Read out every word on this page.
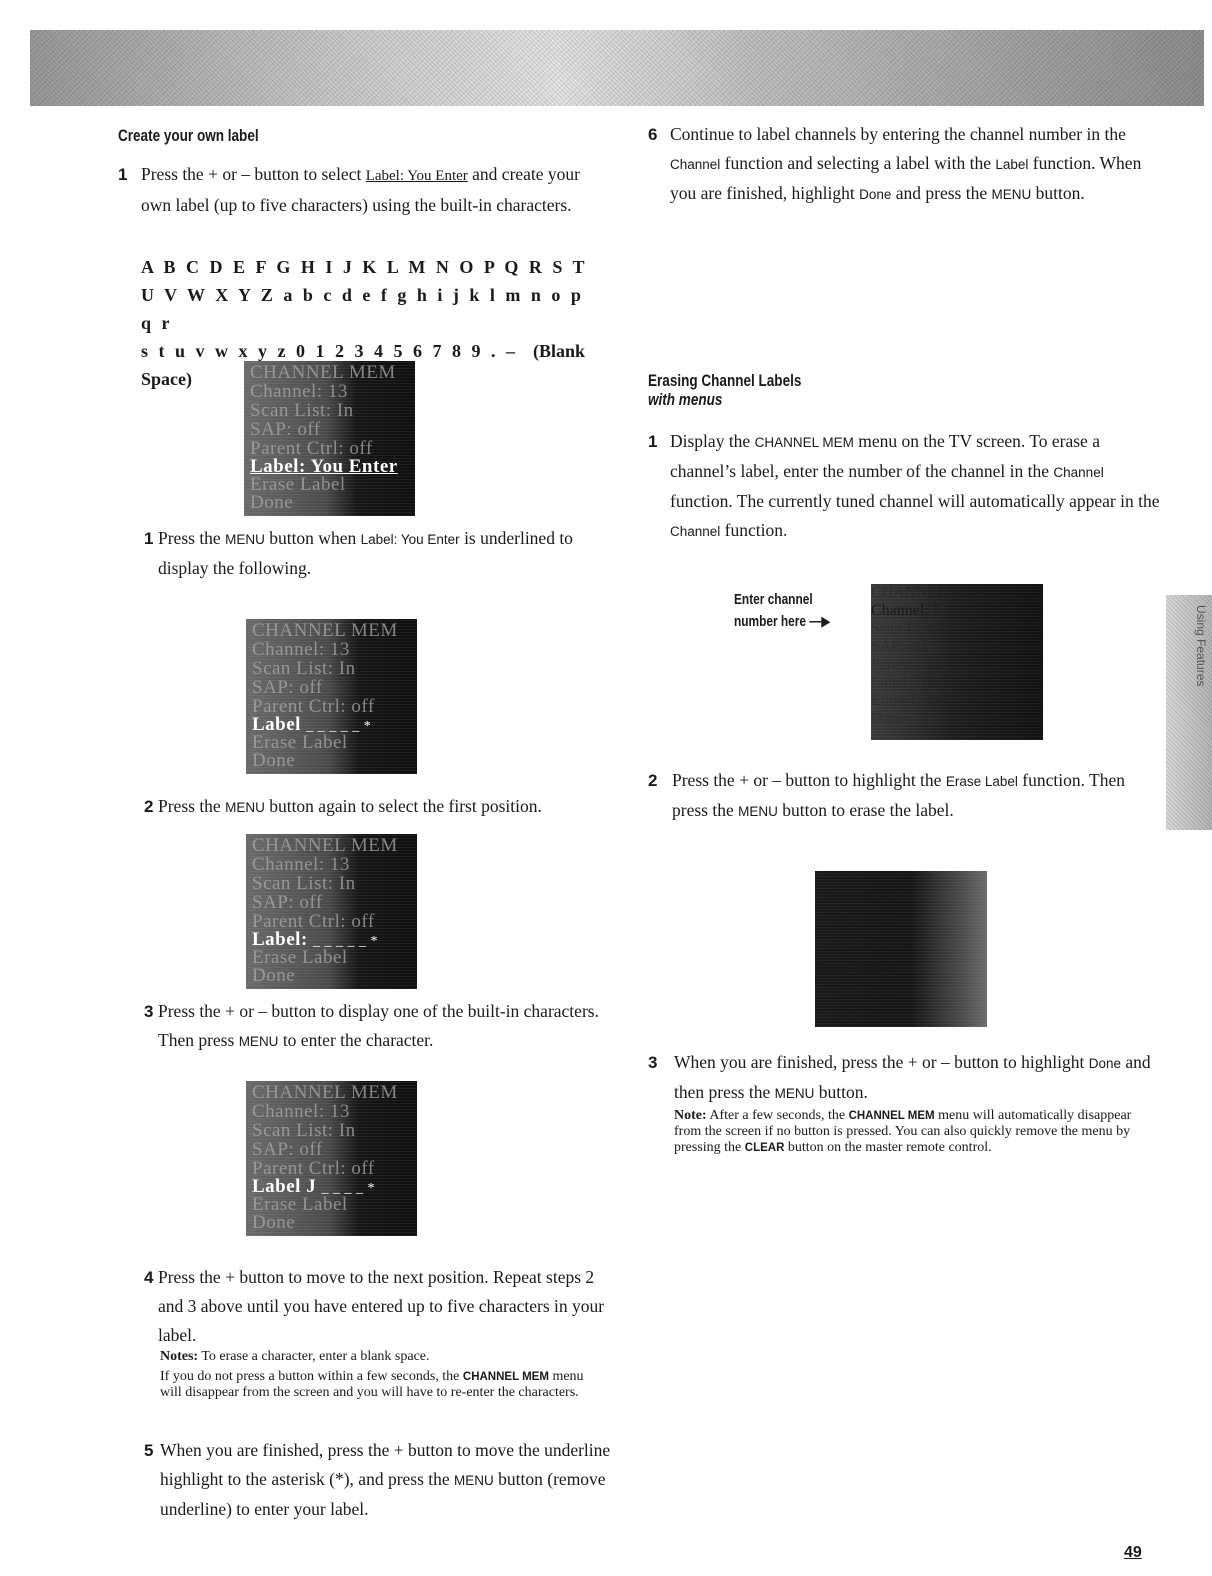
Create your own label
1 Press the + or – button to select Label: You Enter and create your own label (up to five characters) using the built-in characters.
A B C D E F G H I J K L M N O P Q R S T
U V W X Y Z a b c d e f g h i j k l m n o p q r
s t u v w x y z 0 1 2 3 4 5 6 7 8 9 . – (Blank Space)	CHANNEL MEM
Channel: 13
Scan List: In
SAP: off
Parent Ctrl: off
Label: You Enter
Erase Label
Done
1 Press the MENU button when Label: You Enter is underlined to display the following.
CHANNEL MEM
Channel: 13
Scan List: In
SAP: off
Parent Ctrl: off
Label _ _ _ _ _ *
Erase Label
Done
2 Press the MENU button again to select the first position.
CHANNEL MEM
Channel: 13
Scan List: In
SAP: off
Parent Ctrl: off
Label: _ _ _ _ _ *
Erase Label
Done
3 Press the + or – button to display one of the built-in characters. Then press MENU to enter the character.
CHANNEL MEM
Channel: 13
Scan List: In
SAP: off
Parent Ctrl: off
Label J _ _ _ _ *
Erase Label
Done
4 Press the + button to move to the next position. Repeat steps 2 and 3 above until you have entered up to five characters in your label.
Notes: To erase a character, enter a blank space.
If you do not press a button within a few seconds, the CHANNEL MEM menu will disappear from the screen and you will have to re-enter the characters.
5 When you are finished, press the + button to move the underline highlight to the asterisk (*), and press the MENU button (remove underline) to enter your label.
6 Continue to label channels by entering the channel number in the Channel function and selecting a label with the Label function. When you are finished, highlight Done and press the MENU button.
Erasing Channel Labels
with menus
1 Display the CHANNEL MEM menu on the TV screen. To erase a channel’s label, enter the number of the channel in the Channel function. The currently tuned channel will automatically appear in the Channel function.
Enter channel
number here —▶
CHANNEL MEM
Channel: 7
Scan List: In
SAP: off
Parent Ctrl: off
Label: NBC
Erase Label
Done
2 Press the + or – button to highlight the Erase Label function. Then press the MENU button to erase the label.
CHANNEL MEM
Channel: 7
Scan List: In
SAP: off
Parent Ctrl: off
Erase Label
Done
3 When you are finished, press the + or – button to highlight Done and then press the MENU button.
Note: After a few seconds, the CHANNEL MEM menu will automatically disappear from the screen if no button is pressed. You can also quickly remove the menu by pressing the CLEAR button on the master remote control.
Using Features
49
